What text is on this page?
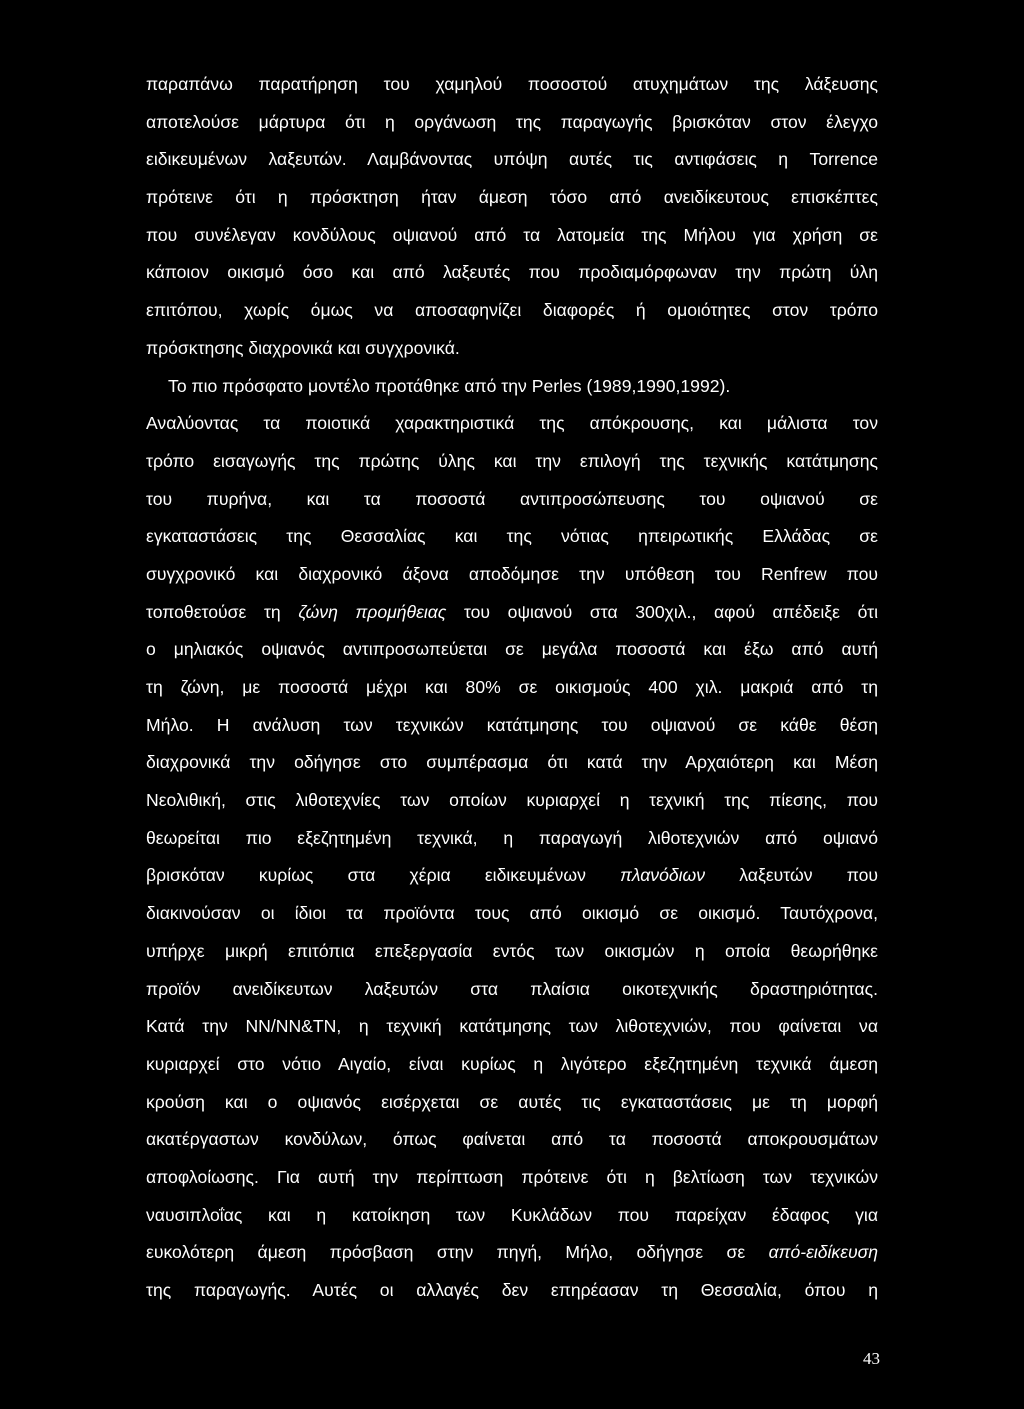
παραπάνω παρατήρηση του χαμηλού ποσοστού ατυχημάτων της λάξευσης
αποτελούσε μάρτυρα ότι η οργάνωση της παραγωγής βρισκόταν στον έλεγχο
ειδικευμένων λαξευτών. Λαμβάνοντας υπόψη αυτές τις αντιφάσεις η Torrence
πρότεινε ότι η πρόσκτηση ήταν άμεση τόσο από ανειδίκευτους επισκέπτες
που συνέλεγαν κονδύλους οψιανού από τα λατομεία της Μήλου για χρήση σε
κάποιον οικισμό όσο και από λαξευτές που προδιαμόρφωναν την πρώτη ύλη
επιτόπου, χωρίς όμως να αποσαφηνίζει διαφορές ή ομοιότητες στον τρόπο
πρόσκτησης διαχρονικά και συγχρονικά.
Το πιο πρόσφατο μοντέλο προτάθηκε από την Perles (1989,1990,1992).
Αναλύοντας τα ποιοτικά χαρακτηριστικά της απόκρουσης, και μάλιστα τον
τρόπο εισαγωγής της πρώτης ύλης και την επιλογή της τεχνικής κατάτμησης
του πυρήνα, και τα ποσοστά αντιπροσώπευσης του οψιανού σε
εγκαταστάσεις της Θεσσαλίας και της νότιας ηπειρωτικής Ελλάδας σε
συγχρονικό και διαχρονικό άξονα αποδόμησε την υπόθεση του Renfrew που
τοποθετούσε τη ζώνη προμήθειας του οψιανού στα 300χιλ., αφού απέδειξε ότι
ο μηλιακός οψιανός αντιπροσωπεύεται σε μεγάλα ποσοστά και έξω από αυτή
τη ζώνη, με ποσοστά μέχρι και 80% σε οικισμούς 400 χιλ. μακριά από τη
Μήλο. Η ανάλυση των τεχνικών κατάτμησης του οψιανού σε κάθε θέση
διαχρονικά την οδήγησε στο συμπέρασμα ότι κατά την Αρχαιότερη και Μέση
Νεολιθική, στις λιθοτεχνίες των οποίων κυριαρχεί η τεχνική της πίεσης, που
θεωρείται πιο εξεζητημένη τεχνικά, η παραγωγή λιθοτεχνιών από οψιανό
βρισκόταν κυρίως στα χέρια ειδικευμένων πλανόδιων λαξευτών που
διακινούσαν οι ίδιοι τα προϊόντα τους από οικισμό σε οικισμό. Ταυτόχρονα,
υπήρχε μικρή επιτόπια επεξεργασία εντός των οικισμών η οποία θεωρήθηκε
προϊόν ανειδίκευτων λαξευτών στα πλαίσια οικοτεχνικής δραστηριότητας.
Κατά την ΝΝ/ΝΝ&ΤΝ, η τεχνική κατάτμησης των λιθοτεχνιών, που φαίνεται να
κυριαρχεί στο νότιο Αιγαίο, είναι κυρίως η λιγότερο εξεζητημένη τεχνικά άμεση
κρούση και ο οψιανός εισέρχεται σε αυτές τις εγκαταστάσεις με τη μορφή
ακατέργαστων κονδύλων, όπως φαίνεται από τα ποσοστά αποκρουσμάτων
αποφλοίωσης. Για αυτή την περίπτωση πρότεινε ότι η βελτίωση των τεχνικών
ναυσιπλοΐας και η κατοίκηση των Κυκλάδων που παρείχαν έδαφος για
ευκολότερη άμεση πρόσβαση στην πηγή, Μήλο, οδήγησε σε από-ειδίκευση
της παραγωγής. Αυτές οι αλλαγές δεν επηρέασαν τη Θεσσαλία, όπου η
43
